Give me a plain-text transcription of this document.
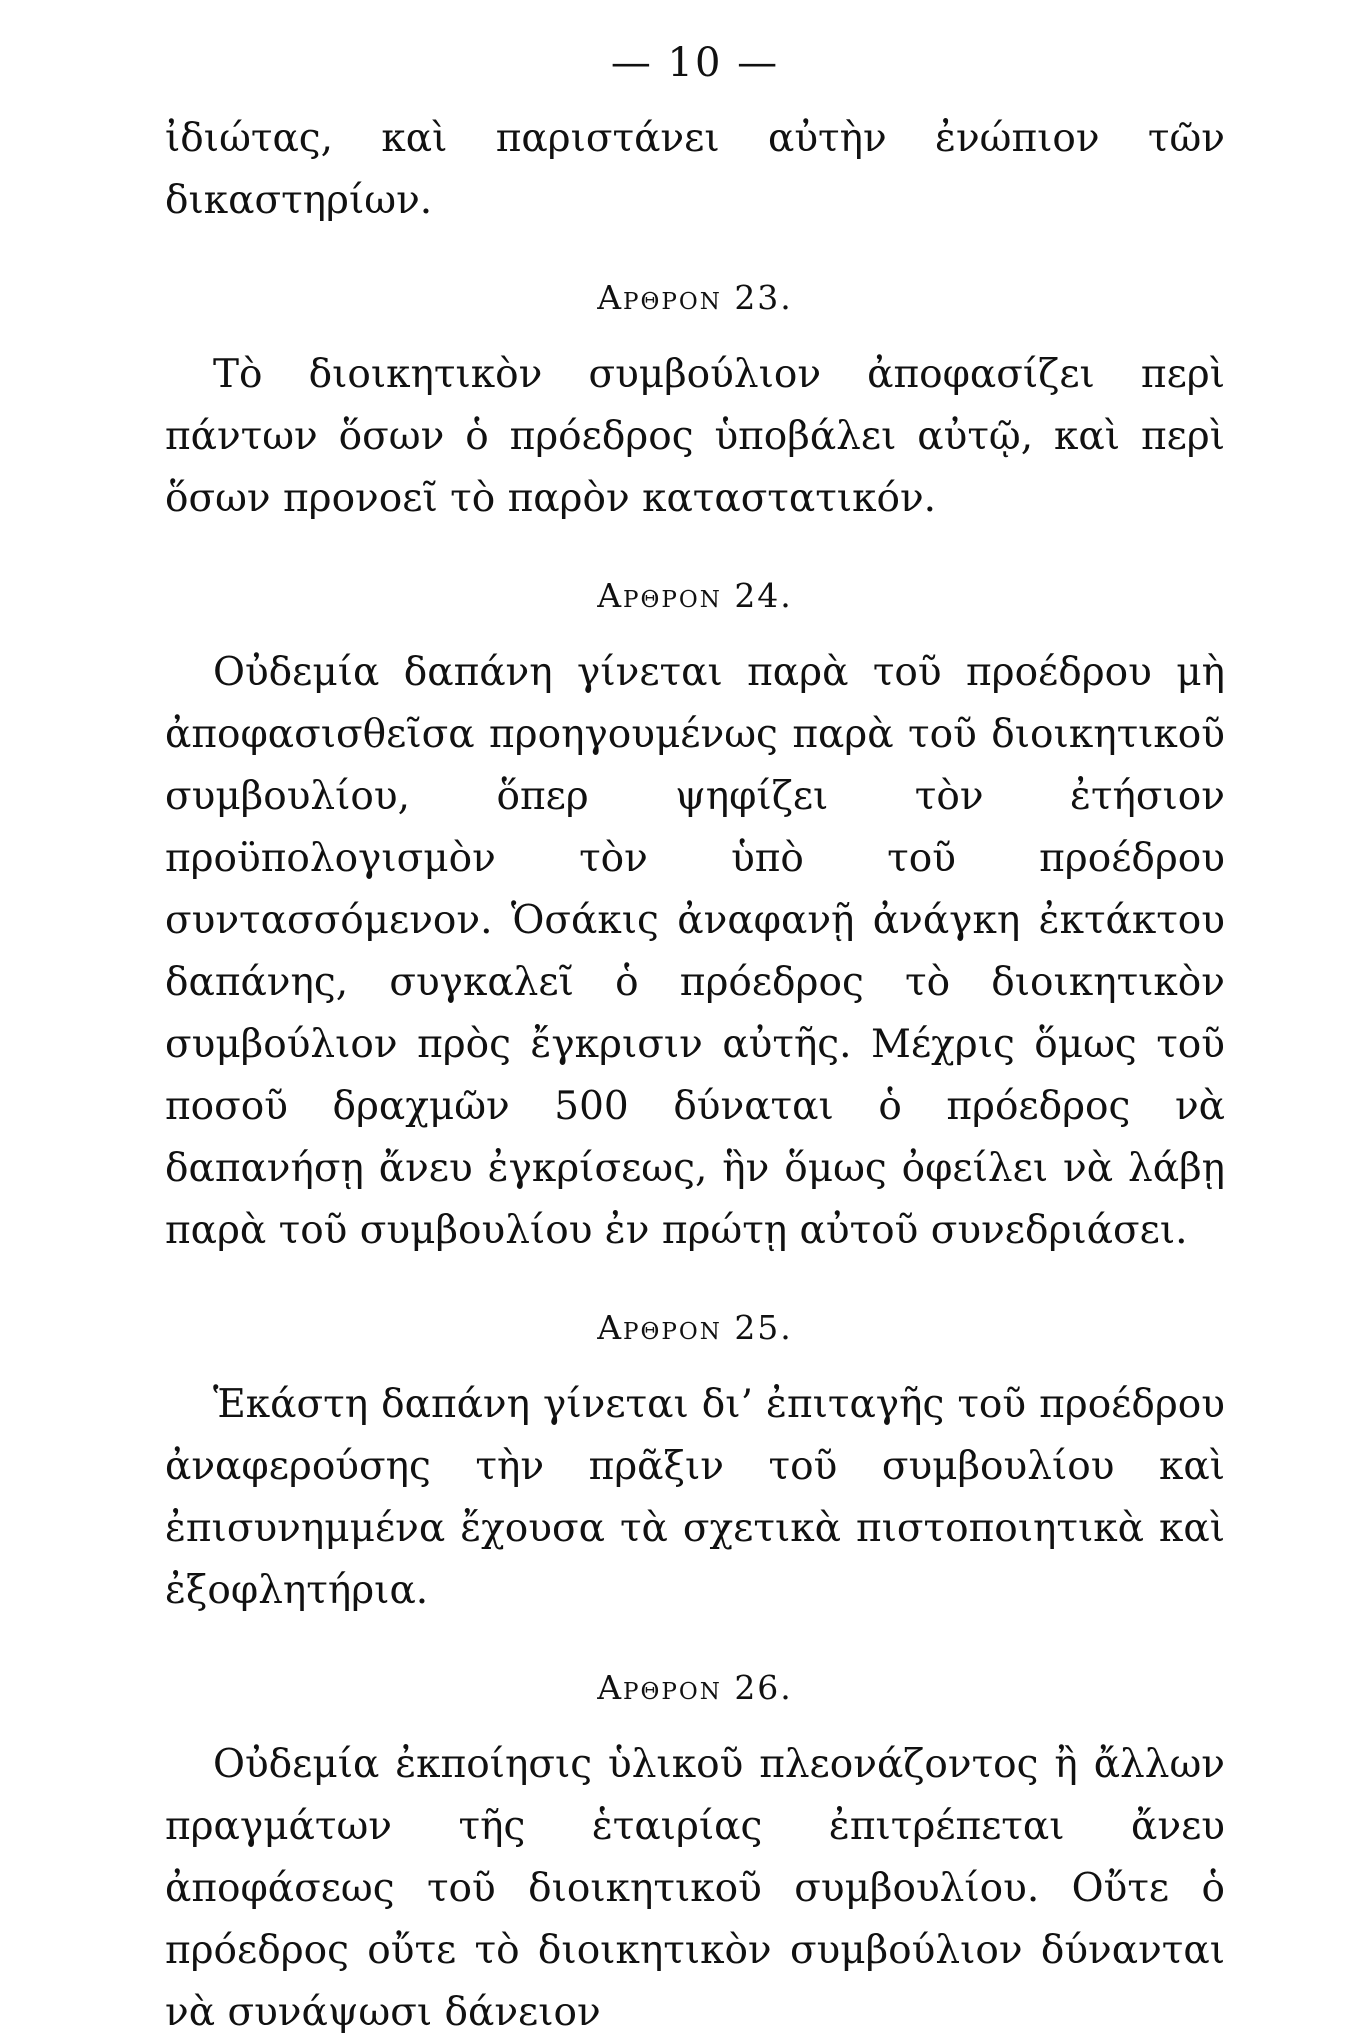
— 10 —

ἰδιώτας, καὶ παριστάνει αὐτὴν ἐνώπιον τῶν δικαστηρίων.

Αρθρον 23.

Τὸ διοικητικὸν συμβούλιον ἀποφασίζει περὶ πάντων ὅσων ὁ πρόεδρος ὑποβάλει αὐτῷ, καὶ περὶ ὅσων προνοεῖ τὸ παρὸν καταστατικόν.

Αρθρον 24.

Οὐδεμία δαπάνη γίνεται παρὰ τοῦ προέδρου μὴ ἀποφασισθεῖσα προηγουμένως παρὰ τοῦ διοικητικοῦ συμβουλίου, ὅπερ ψηφίζει τὸν ἐτήσιον προϋπολογισμὸν τὸν ὑπὸ τοῦ προέδρου συντασσόμενον. Ὁσάκις ἀναφανῇ ἀνάγκη ἐκτάκτου δαπάνης, συγκαλεῖ ὁ πρόεδρος τὸ διοικητικὸν συμβούλιον πρὸς ἔγκρισιν αὐτῆς. Μέχρις ὅμως τοῦ ποσοῦ δραχμῶν 500 δύναται ὁ πρόεδρος νὰ δαπανήσῃ ἄνευ ἐγκρίσεως, ἣν ὅμως ὀφείλει νὰ λάβῃ παρὰ τοῦ συμβουλίου ἐν πρώτῃ αὐτοῦ συνεδριάσει.

Αρθρον 25.

Ἑκάστη δαπάνη γίνεται δι’ ἐπιταγῆς τοῦ προέδρου ἀναφερούσης τὴν πρᾶξιν τοῦ συμβουλίου καὶ ἐπισυνημμένα ἔχουσα τὰ σχετικὰ πιστοποιητικὰ καὶ ἐξοφλητήρια.

Αρθρον 26.

Οὐδεμία ἐκποίησις ὑλικοῦ πλεονάζοντος ἢ ἄλλων πραγμάτων τῆς ἑταιρίας ἐπιτρέπεται ἄνευ ἀποφάσεως τοῦ διοικητικοῦ συμβουλίου. Οὔτε ὁ πρόεδρος οὔτε τὸ διοικητικὸν συμβούλιον δύνανται νὰ συνάψωσι δάνειον
